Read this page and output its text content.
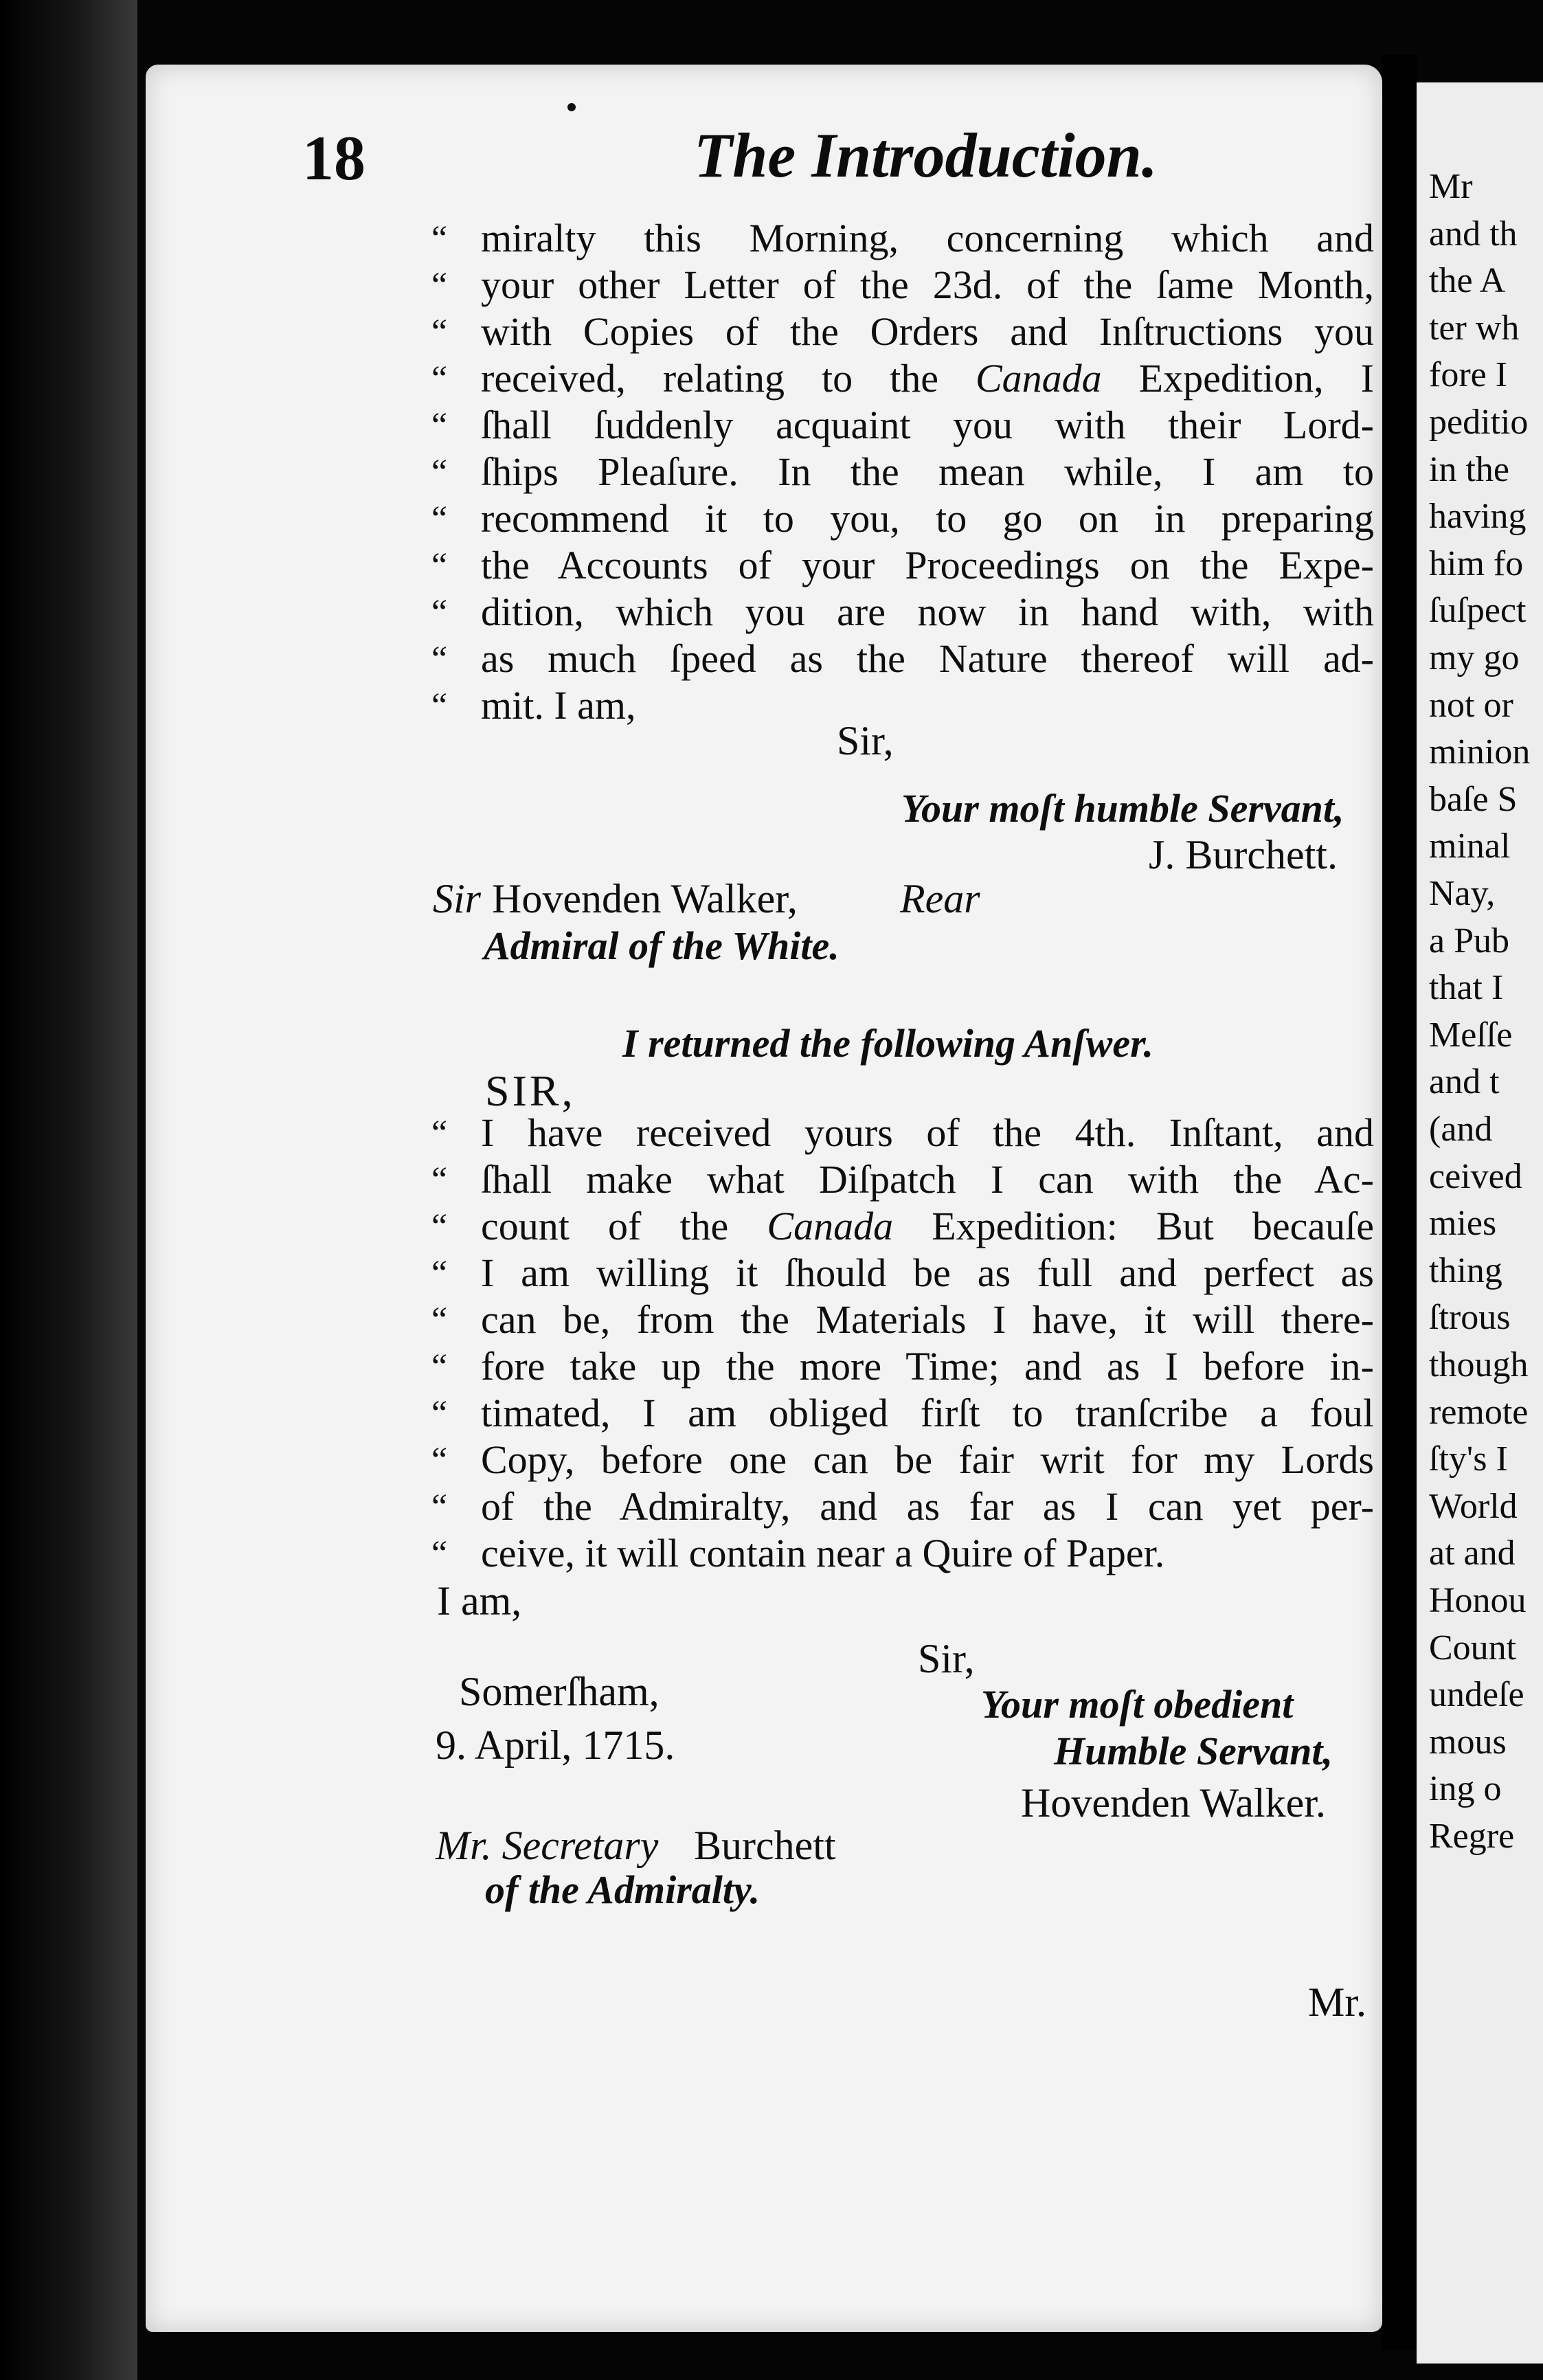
Mr
and th
the A
ter wh
fore I
peditio
in the
having
him fo
ſuſpect
my go
not or
minion
baſe S
minal
Nay,
a Pub
that I
Meſſe
and t
(and
ceived
mies
thing
ſtrous
though
remote
ſty's I
World
at and
Honou
Count
undeſe
mous
ing o
Regre
18	The Introduction.
Sir,
Your moſt humble Servant,
J. Burchett.
Sir Hovenden Walker, Rear
Admiral of the White.
I returned the following Anſwer.
SIR,
I am,
Sir,
Somerſham,
9. April, 1715.
Your moſt obedient
Humble Servant,
Hovenden Walker.
Mr. Secretary Burchett
of the Admiralty.
Mr.
“ miralty this Morning, concerning which and
“ your other Letter of the 23d. of the ſame Month,
“ with Copies of the Orders and Inſtructions you
“ received, relating to the Canada Expedition, I
“ ſhall ſuddenly acquaint you with their Lord-
“ ſhips Pleaſure. In the mean while, I am to
“ recommend it to you, to go on in preparing
“ the Accounts of your Proceedings on the Expe-
“ dition, which you are now in hand with, with
“ as much ſpeed as the Nature thereof will ad-
“ mit. I am,
“ I have received yours of the 4th. Inſtant, and
“ ſhall make what Diſpatch I can with the Ac-
“ count of the Canada Expedition: But becauſe
“ I am willing it ſhould be as full and perfect as
“ can be, from the Materials I have, it will there-
“ fore take up the more Time; and as I before in-
“ timated, I am obliged firſt to tranſcribe a foul
“ Copy, before one can be fair writ for my Lords
“ of the Admiralty, and as far as I can yet per-
“ ceive, it will contain near a Quire of Paper.
